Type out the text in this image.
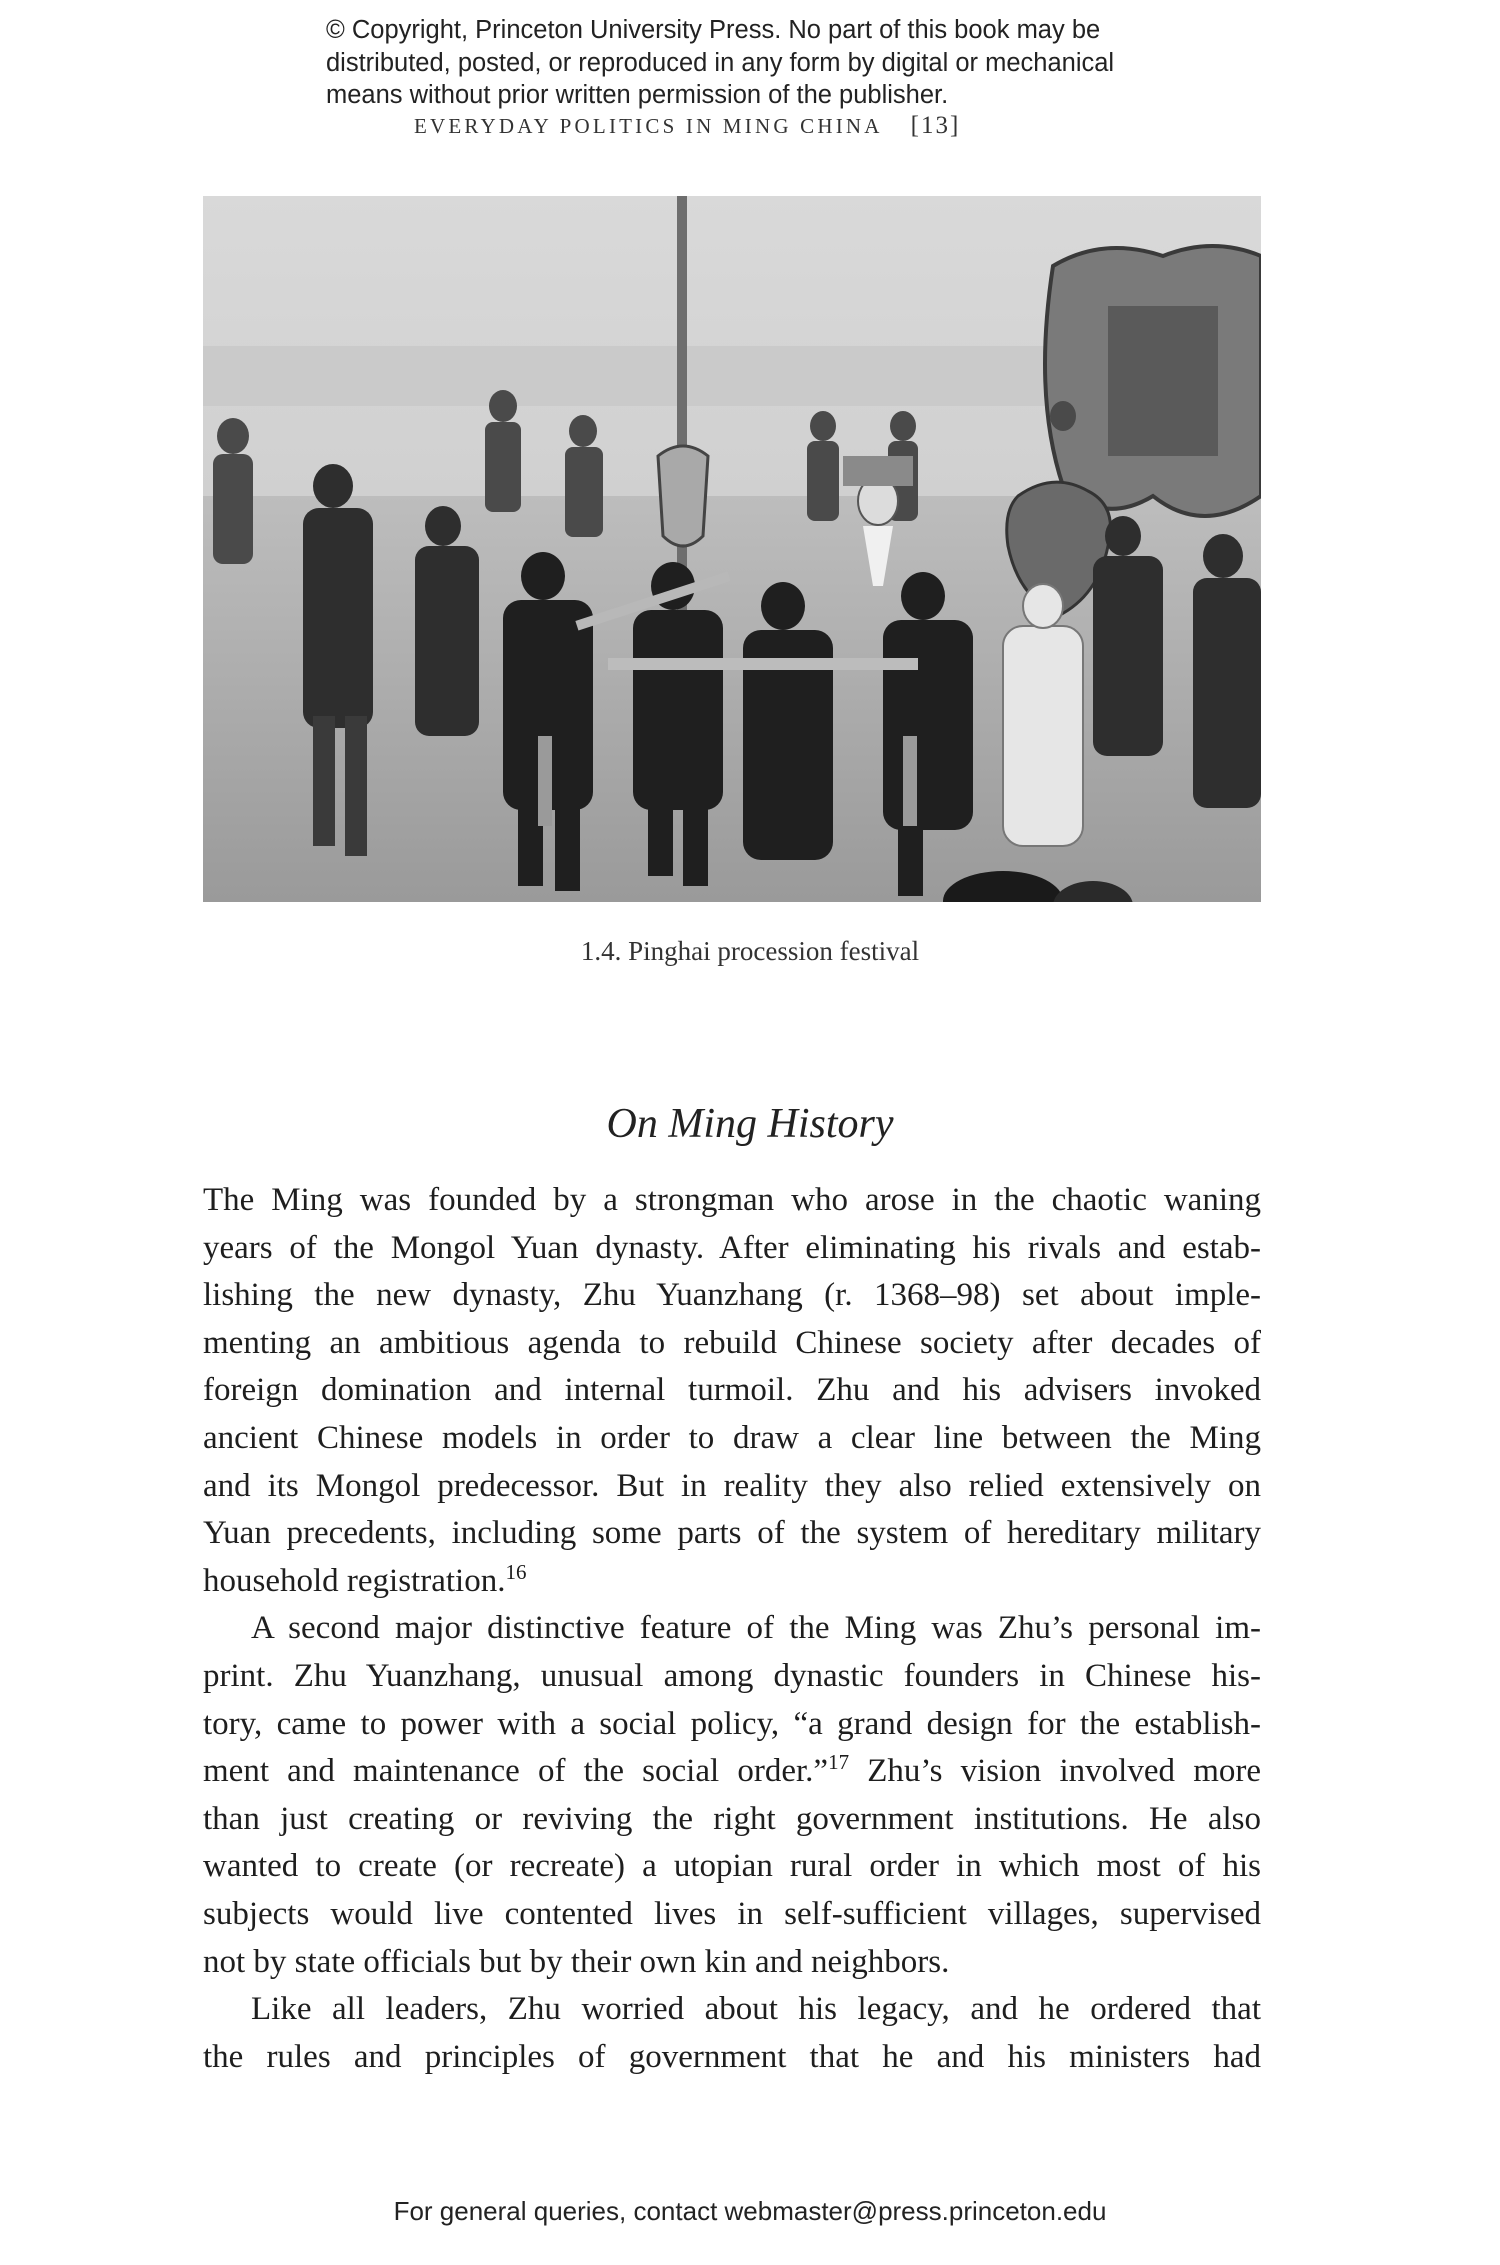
© Copyright, Princeton University Press. No part of this book may be
distributed, posted, or reproduced in any form by digital or mechanical
means without prior written permission of the publisher.
EVERYDAY POLITICS IN MING CHINA [13]
1.4. Pinghai procession festival
On Ming History
The Ming was founded by a strongman who arose in the chaotic waning
years of the Mongol Yuan dynasty. After eliminating his rivals and estab-
lishing the new dynasty, Zhu Yuanzhang (r. 1368–98) set about imple-
menting an ambitious agenda to rebuild Chinese society after decades of
foreign domination and internal turmoil. Zhu and his advisers invoked
ancient Chinese models in order to draw a clear line between the Ming
and its Mongol predecessor. But in reality they also relied extensively on
Yuan precedents, including some parts of the system of hereditary military
household registration.$^{16}$
A second major distinctive feature of the Ming was Zhu’s personal im-
print. Zhu Yuanzhang, unusual among dynastic founders in Chinese his-
tory, came to power with a social policy, “a grand design for the establish-
ment and maintenance of the social order.”$^{17}$ Zhu’s vision involved more
than just creating or reviving the right government institutions. He also
wanted to create (or recreate) a utopian rural order in which most of his
subjects would live contented lives in self-sufficient villages, supervised
not by state officials but by their own kin and neighbors.
Like all leaders, Zhu worried about his legacy, and he ordered that
the rules and principles of government that he and his ministers had
For general queries, contact webmaster@press.princeton.edu
